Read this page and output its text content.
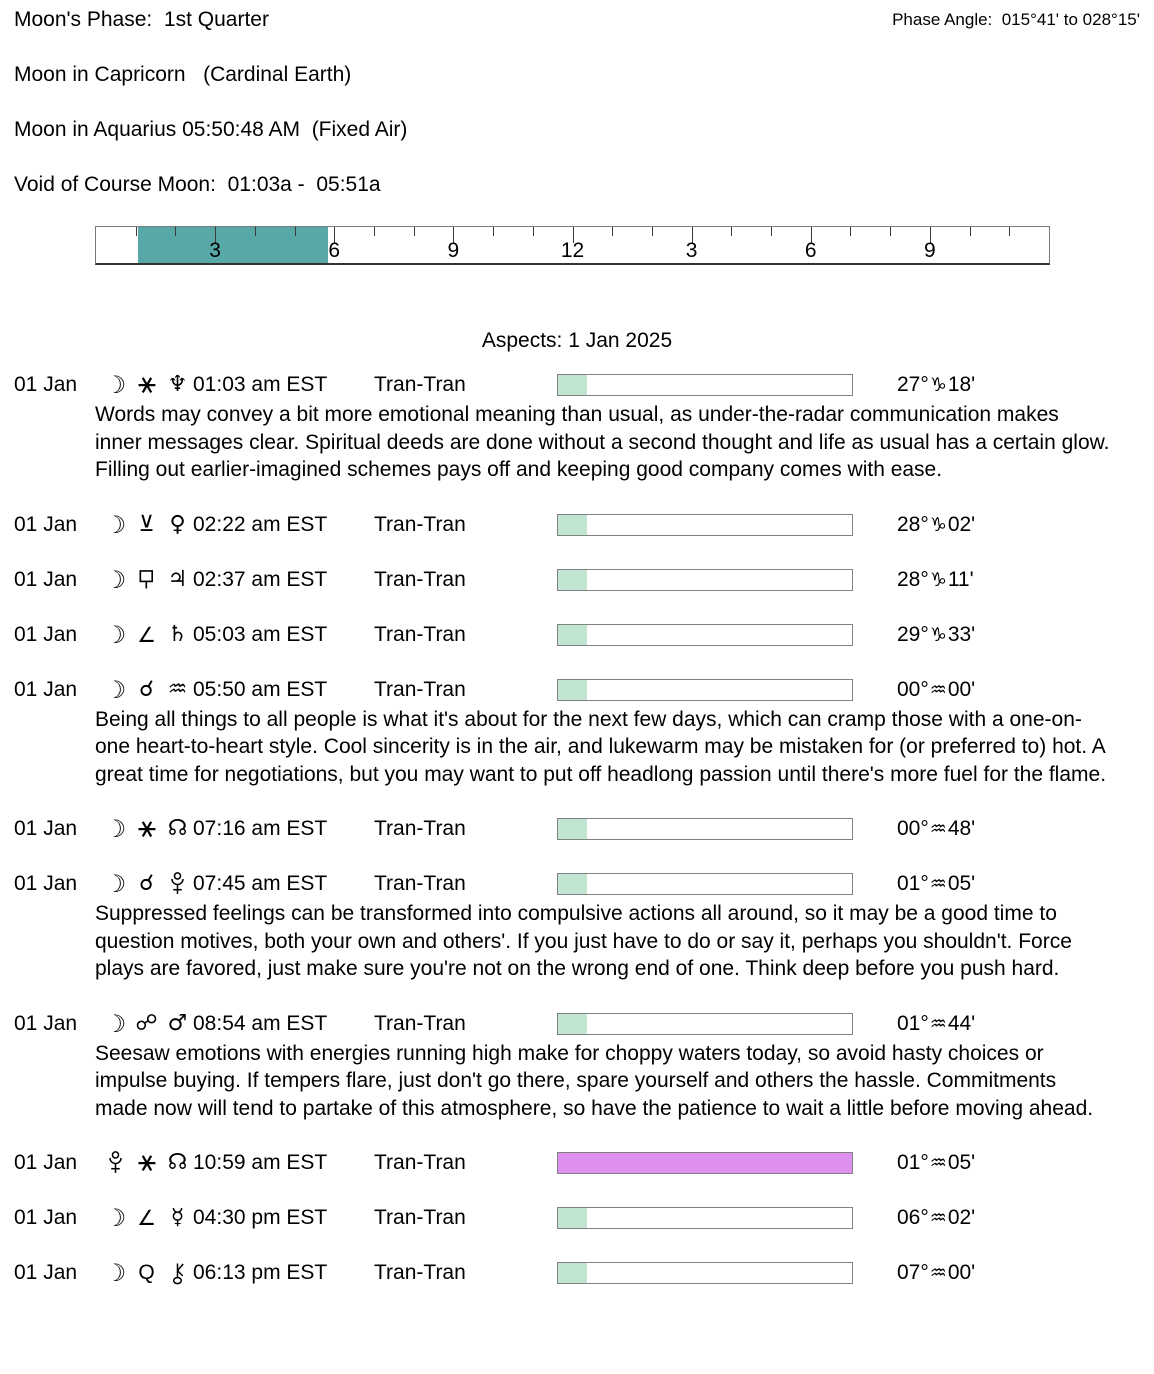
Moon's Phase:  1st Quarter	Phase Angle:  015°41' to 028°15'
Moon in Capricorn   (Cardinal Earth)
Moon in Aquarius 05:50:48 AM  (Fixed Air)
Void of Course Moon:  01:03a -  05:51a
3	6	9	12	3	6	9
Aspects: 1 Jan 2025
01 Jan	☽ ∗ ♆ 01:03 am EST	Tran-Tran	27°♑18'
Words may convey a bit more emotional meaning than usual, as under-the-radar communication makes inner messages clear. Spiritual deeds are done without a second thought and life as usual has a certain glow. Filling out earlier-imagined schemes pays off and keeping good company comes with ease.
01 Jan	☽ ⊻ ♀ 02:22 am EST	Tran-Tran	28°♑02'
01 Jan	☽ ♃ 02:37 am EST	Tran-Tran	28°♑11'
01 Jan	☽ ∠ ♄ 05:03 am EST	Tran-Tran	29°♑33'
01 Jan	☽ ☌ ♒ 05:50 am EST	Tran-Tran	00°♒00'
Being all things to all people is what it's about for the next few days, which can cramp those with a one-on-one heart-to-heart style. Cool sincerity is in the air, and lukewarm may be mistaken for (or preferred to) hot. A great time for negotiations, but you may want to put off headlong passion until there's more fuel for the flame.
01 Jan	☽ ∗ ☊ 07:16 am EST	Tran-Tran	00°♒48'
01 Jan	☽ ☌	07:45 am EST	Tran-Tran	01°♒05'
Suppressed feelings can be transformed into compulsive actions all around, so it may be a good time to question motives, both your own and others'. If you just have to do or say it, perhaps you shouldn't. Force plays are favored, just make sure you're not on the wrong end of one. Think deep before you push hard.
01 Jan	☽ ☍ ♂ 08:54 am EST	Tran-Tran	01°♒44'
Seesaw emotions with energies running high make for choppy waters today, so avoid hasty choices or impulse buying. If tempers flare, just don't go there, spare yourself and others the hassle. Commitments made now will tend to partake of this atmosphere, so have the patience to wait a little before moving ahead.
01 Jan	∗ ☊ 10:59 am EST	Tran-Tran	01°♒05'
01 Jan	☽ ∠ ☿ 04:30 pm EST	Tran-Tran	06°♒02'
01 Jan	☽ Q	06:13 pm EST	Tran-Tran	07°♒00'
